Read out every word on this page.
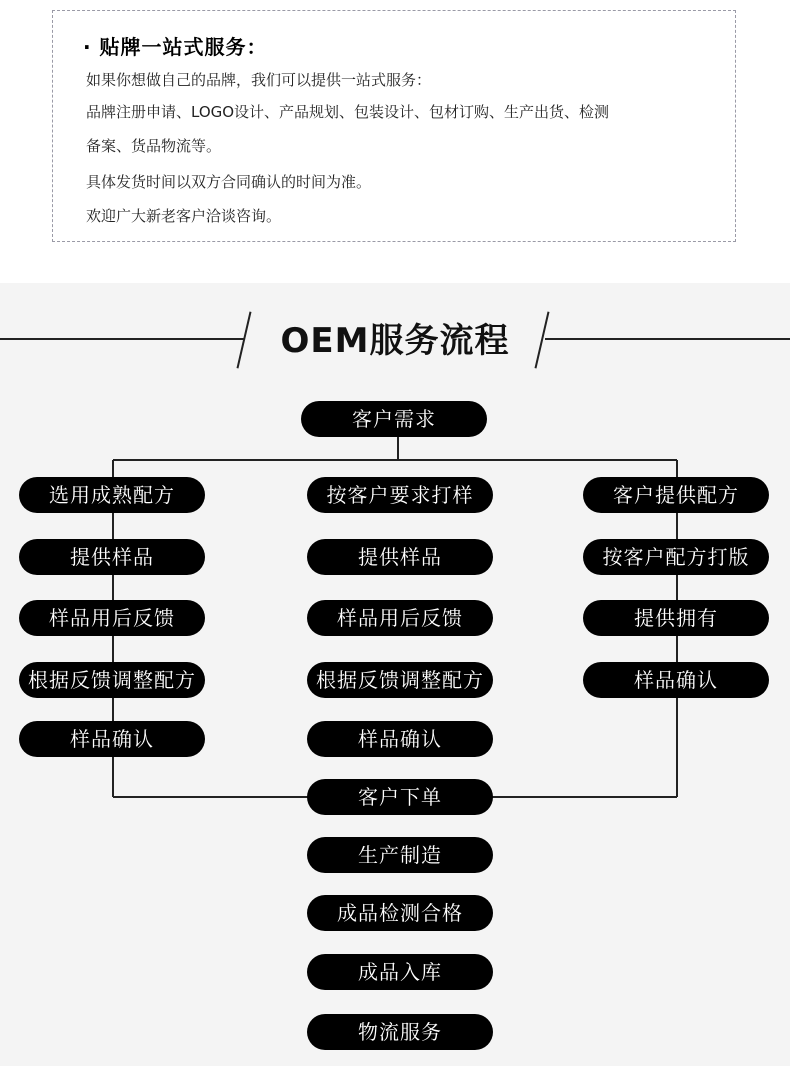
· 贴牌一站式服务：
如果你想做自己的品牌，我们可以提供一站式服务：
品牌注册申请、LOGO设计、产品规划、包装设计、包材订购、生产出货、检测
备案、货品物流等。
具体发货时间以双方合同确认的时间为准。
欢迎广大新老客户洽谈咨询。
OEM服务流程
客户需求
选用成熟配方
提供样品
样品用后反馈
根据反馈调整配方
样品确认
按客户要求打样
提供样品
样品用后反馈
根据反馈调整配方
样品确认
客户提供配方
按客户配方打版
提供拥有
样品确认
客户下单
生产制造
成品检测合格
成品入库
物流服务
